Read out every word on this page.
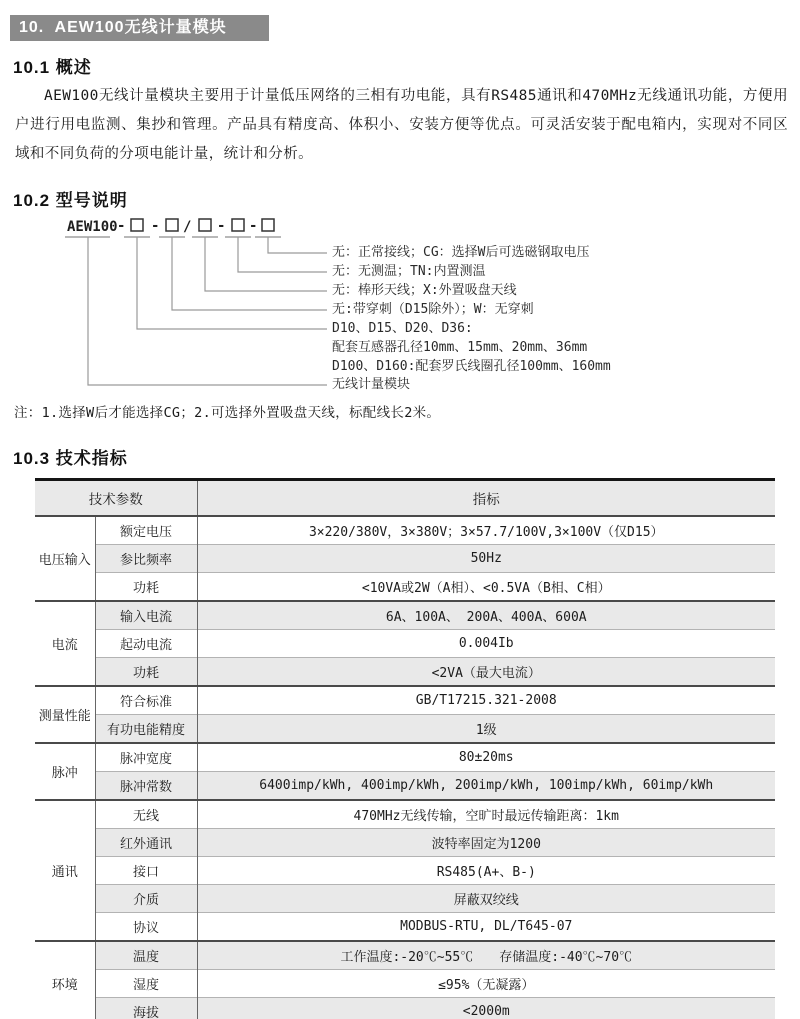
10.  AEW100无线计量模块
10.1 概述

AEW100无线计量模块主要用于计量低压网络的三相有功电能，具有RS485通讯和470MHz无线通讯功能，方便用户进行用电监测、集抄和管理。产品具有精度高、体积小、安装方便等优点。可灵活安装于配电箱内，实现对不同区域和不同负荷的分项电能计量，统计和分析。

10.2 型号说明
AEW100 - - / - -
无：正常接线；CG：选择W后可选磁钢取电压
无：无测温；TN:内置测温
无：棒形天线；X:外置吸盘天线
无:带穿刺（D15除外）；W：无穿刺
D10、D15、D20、D36:
配套互感器孔径10mm、15mm、20mm、36mm
D100、D160:配套罗氏线圈孔径100mm、160mm
无线计量模块

注：1.选择W后才能选择CG；2.可选择外置吸盘天线，标配线长2米。

10.3 技术指标
技术参数		指标
电压输入	额定电压	3×220/380V，3×380V；3×57.7/100V,3×100V（仅D15）
	参比频率	50Hz
	功耗	<10VA或2W（A相）、<0.5VA（B相、C相）
电流	输入电流	6A、100A、 200A、400A、600A
	起动电流	0.004Ib
	功耗	<2VA（最大电流）
测量性能	符合标准	GB/T17215.321-2008
	有功电能精度	1级
脉冲	脉冲宽度	80±20ms
	脉冲常数	6400imp/kWh, 400imp/kWh, 200imp/kWh, 100imp/kWh, 60imp/kWh
通讯	无线	470MHz无线传输，空旷时最远传输距离：1km
	红外通讯	波特率固定为1200
	接口	RS485(A+、B-)
	介质	屏蔽双绞线
	协议	MODBUS-RTU, DL/T645-07
环境	温度	工作温度:-20℃~55℃　　存储温度:-40℃~70℃
	湿度	≤95%（无凝露）
	海拔	<2000m
